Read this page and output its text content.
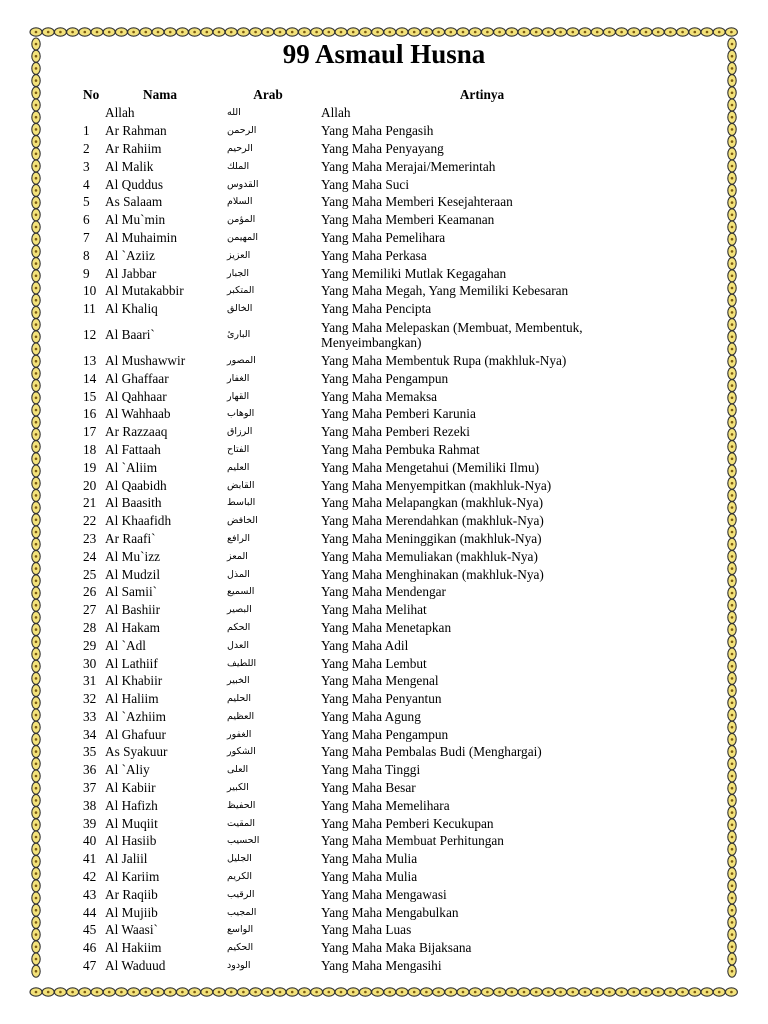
99 Asmaul Husna
No	Nama	Arab	Artinya
	Allah	الله	Allah
1	Ar Rahman	الرحمن	Yang Maha Pengasih
2	Ar Rahiim	الرحيم	Yang Maha Penyayang
3	Al Malik	الملك	Yang Maha Merajai/Memerintah
4	Al Quddus	القدوس	Yang Maha Suci
5	As Salaam	السلام	Yang Maha Memberi Kesejahteraan
6	Al Mu`min	المؤمن	Yang Maha Memberi Keamanan
7	Al Muhaimin	المهيمن	Yang Maha Pemelihara
8	Al `Aziiz	العزيز	Yang Maha Perkasa
9	Al Jabbar	الجبار	Yang Memiliki Mutlak Kegagahan
10	Al Mutakabbir	المتكبر	Yang Maha Megah, Yang Memiliki Kebesaran
11	Al Khaliq	الخالق	Yang Maha Pencipta
12	Al Baari`	البارئ	Yang Maha Melepaskan (Membuat, Membentuk, Menyeimbangkan)
13	Al Mushawwir	المصور	Yang Maha Membentuk Rupa (makhluk-Nya)
14	Al Ghaffaar	الغفار	Yang Maha Pengampun
15	Al Qahhaar	القهار	Yang Maha Memaksa
16	Al Wahhaab	الوهاب	Yang Maha Pemberi Karunia
17	Ar Razzaaq	الرزاق	Yang Maha Pemberi Rezeki
18	Al Fattaah	الفتاح	Yang Maha Pembuka Rahmat
19	Al `Aliim	العليم	Yang Maha Mengetahui (Memiliki Ilmu)
20	Al Qaabidh	القابض	Yang Maha Menyempitkan (makhluk-Nya)
21	Al Baasith	الباسط	Yang Maha Melapangkan (makhluk-Nya)
22	Al Khaafidh	الخافض	Yang Maha Merendahkan (makhluk-Nya)
23	Ar Raafi`	الرافع	Yang Maha Meninggikan (makhluk-Nya)
24	Al Mu`izz	المعز	Yang Maha Memuliakan (makhluk-Nya)
25	Al Mudzil	المذل	Yang Maha Menghinakan (makhluk-Nya)
26	Al Samii`	السميع	Yang Maha Mendengar
27	Al Bashiir	البصير	Yang Maha Melihat
28	Al Hakam	الحكم	Yang Maha Menetapkan
29	Al `Adl	العدل	Yang Maha Adil
30	Al Lathiif	اللطيف	Yang Maha Lembut
31	Al Khabiir	الخبير	Yang Maha Mengenal
32	Al Haliim	الحليم	Yang Maha Penyantun
33	Al `Azhiim	العظيم	Yang Maha Agung
34	Al Ghafuur	الغفور	Yang Maha Pengampun
35	As Syakuur	الشكور	Yang Maha Pembalas Budi (Menghargai)
36	Al `Aliy	العلى	Yang Maha Tinggi
37	Al Kabiir	الكبير	Yang Maha Besar
38	Al Hafizh	الحفيظ	Yang Maha Memelihara
39	Al Muqiit	المقيت	Yang Maha Pemberi Kecukupan
40	Al Hasiib	الحسيب	Yang Maha Membuat Perhitungan
41	Al Jaliil	الجليل	Yang Maha Mulia
42	Al Kariim	الكريم	Yang Maha Mulia
43	Ar Raqiib	الرقيب	Yang Maha Mengawasi
44	Al Mujiib	المجيب	Yang Maha Mengabulkan
45	Al Waasi`	الواسع	Yang Maha Luas
46	Al Hakiim	الحكيم	Yang Maha Maka Bijaksana
47	Al Waduud	الودود	Yang Maha Mengasihi
